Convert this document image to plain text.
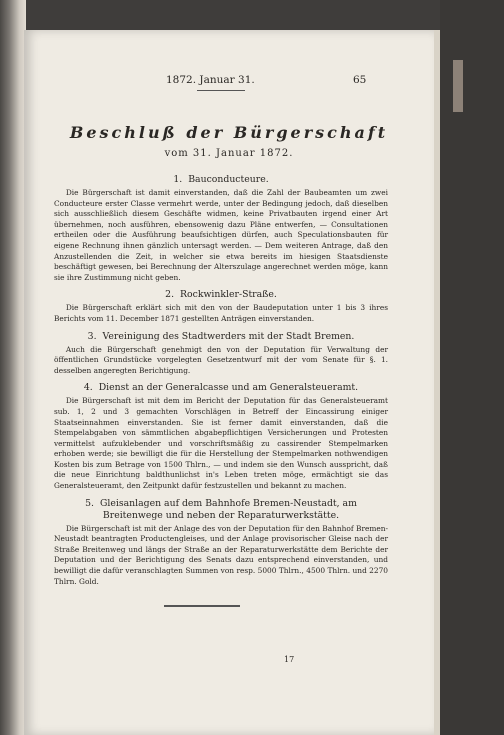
1872. Januar 31.	65
Beschluß der Bürgerschaft
vom 31. Januar 1872.
1. Bauconducteure.

Die Bürgerschaft ist damit einverstanden, daß die Zahl der Baubeamten um zwei Conducteure erster Classe vermehrt werde, unter der Bedingung jedoch, daß dieselben sich ausschließlich diesem Geschäfte widmen, keine Privatbauten irgend einer Art übernehmen, noch ausführen, ebensowenig dazu Pläne entwerfen, — Consultationen ertheilen oder die Ausführung beaufsichtigen dürfen, auch Speculationsbauten für eigene Rechnung ihnen gänzlich untersagt werden. — Dem weiteren Antrage, daß den Anzustellenden die Zeit, in welcher sie etwa bereits im hiesigen Staatsdienste beschäftigt gewesen, bei Berechnung der Alterszulage angerechnet werden möge, kann sie ihre Zustimmung nicht geben.

2. Rockwinkler-Straße.

Die Bürgerschaft erklärt sich mit den von der Baudeputation unter 1 bis 3 ihres Berichts vom 11. December 1871 gestellten Anträgen einverstanden.

3. Vereinigung des Stadtwerders mit der Stadt Bremen.

Auch die Bürgerschaft genehmigt den von der Deputation für Verwaltung der öffentlichen Grundstücke vorgelegten Gesetzentwurf mit der vom Senate für §. 1. desselben angeregten Berichtigung.

4. Dienst an der Generalcasse und am Generalsteueramt.

Die Bürgerschaft ist mit dem im Bericht der Deputation für das Generalsteueramt sub. 1, 2 und 3 gemachten Vorschlägen in Betreff der Eincassirung einiger Staatseinnahmen einverstanden. Sie ist ferner damit einverstanden, daß die Stempelabgaben von sämmtlichen abgabepflichtigen Versicherungen und Protesten vermittelst aufzuklebender und vorschriftsmäßig zu cassirender Stempelmarken erhoben werde; sie bewilligt die für die Herstellung der Stempelmarken nothwendigen Kosten bis zum Betrage von 1500 Thlrn., — und indem sie den Wunsch ausspricht, daß die neue Einrichtung baldthunlichst in's Leben treten möge, ermächtigt sie das Generalsteueramt, den Zeitpunkt dafür festzustellen und bekannt zu machen.

5. Gleisanlagen auf dem Bahnhofe Bremen-Neustadt, am Breitenwege und neben der Reparaturwerkstätte.

Die Bürgerschaft ist mit der Anlage des von der Deputation für den Bahnhof Bremen-Neustadt beantragten Productengleises, und der Anlage provisorischer Gleise nach der Straße Breitenweg und längs der Straße an der Reparaturwerkstätte dem Berichte der Deputation und der Berichtigung des Senats dazu entsprechend einverstanden, und bewilligt die dafür veranschlagten Summen von resp. 5000 Thlrn., 4500 Thlrn. und 2270 Thlrn. Gold.

17
